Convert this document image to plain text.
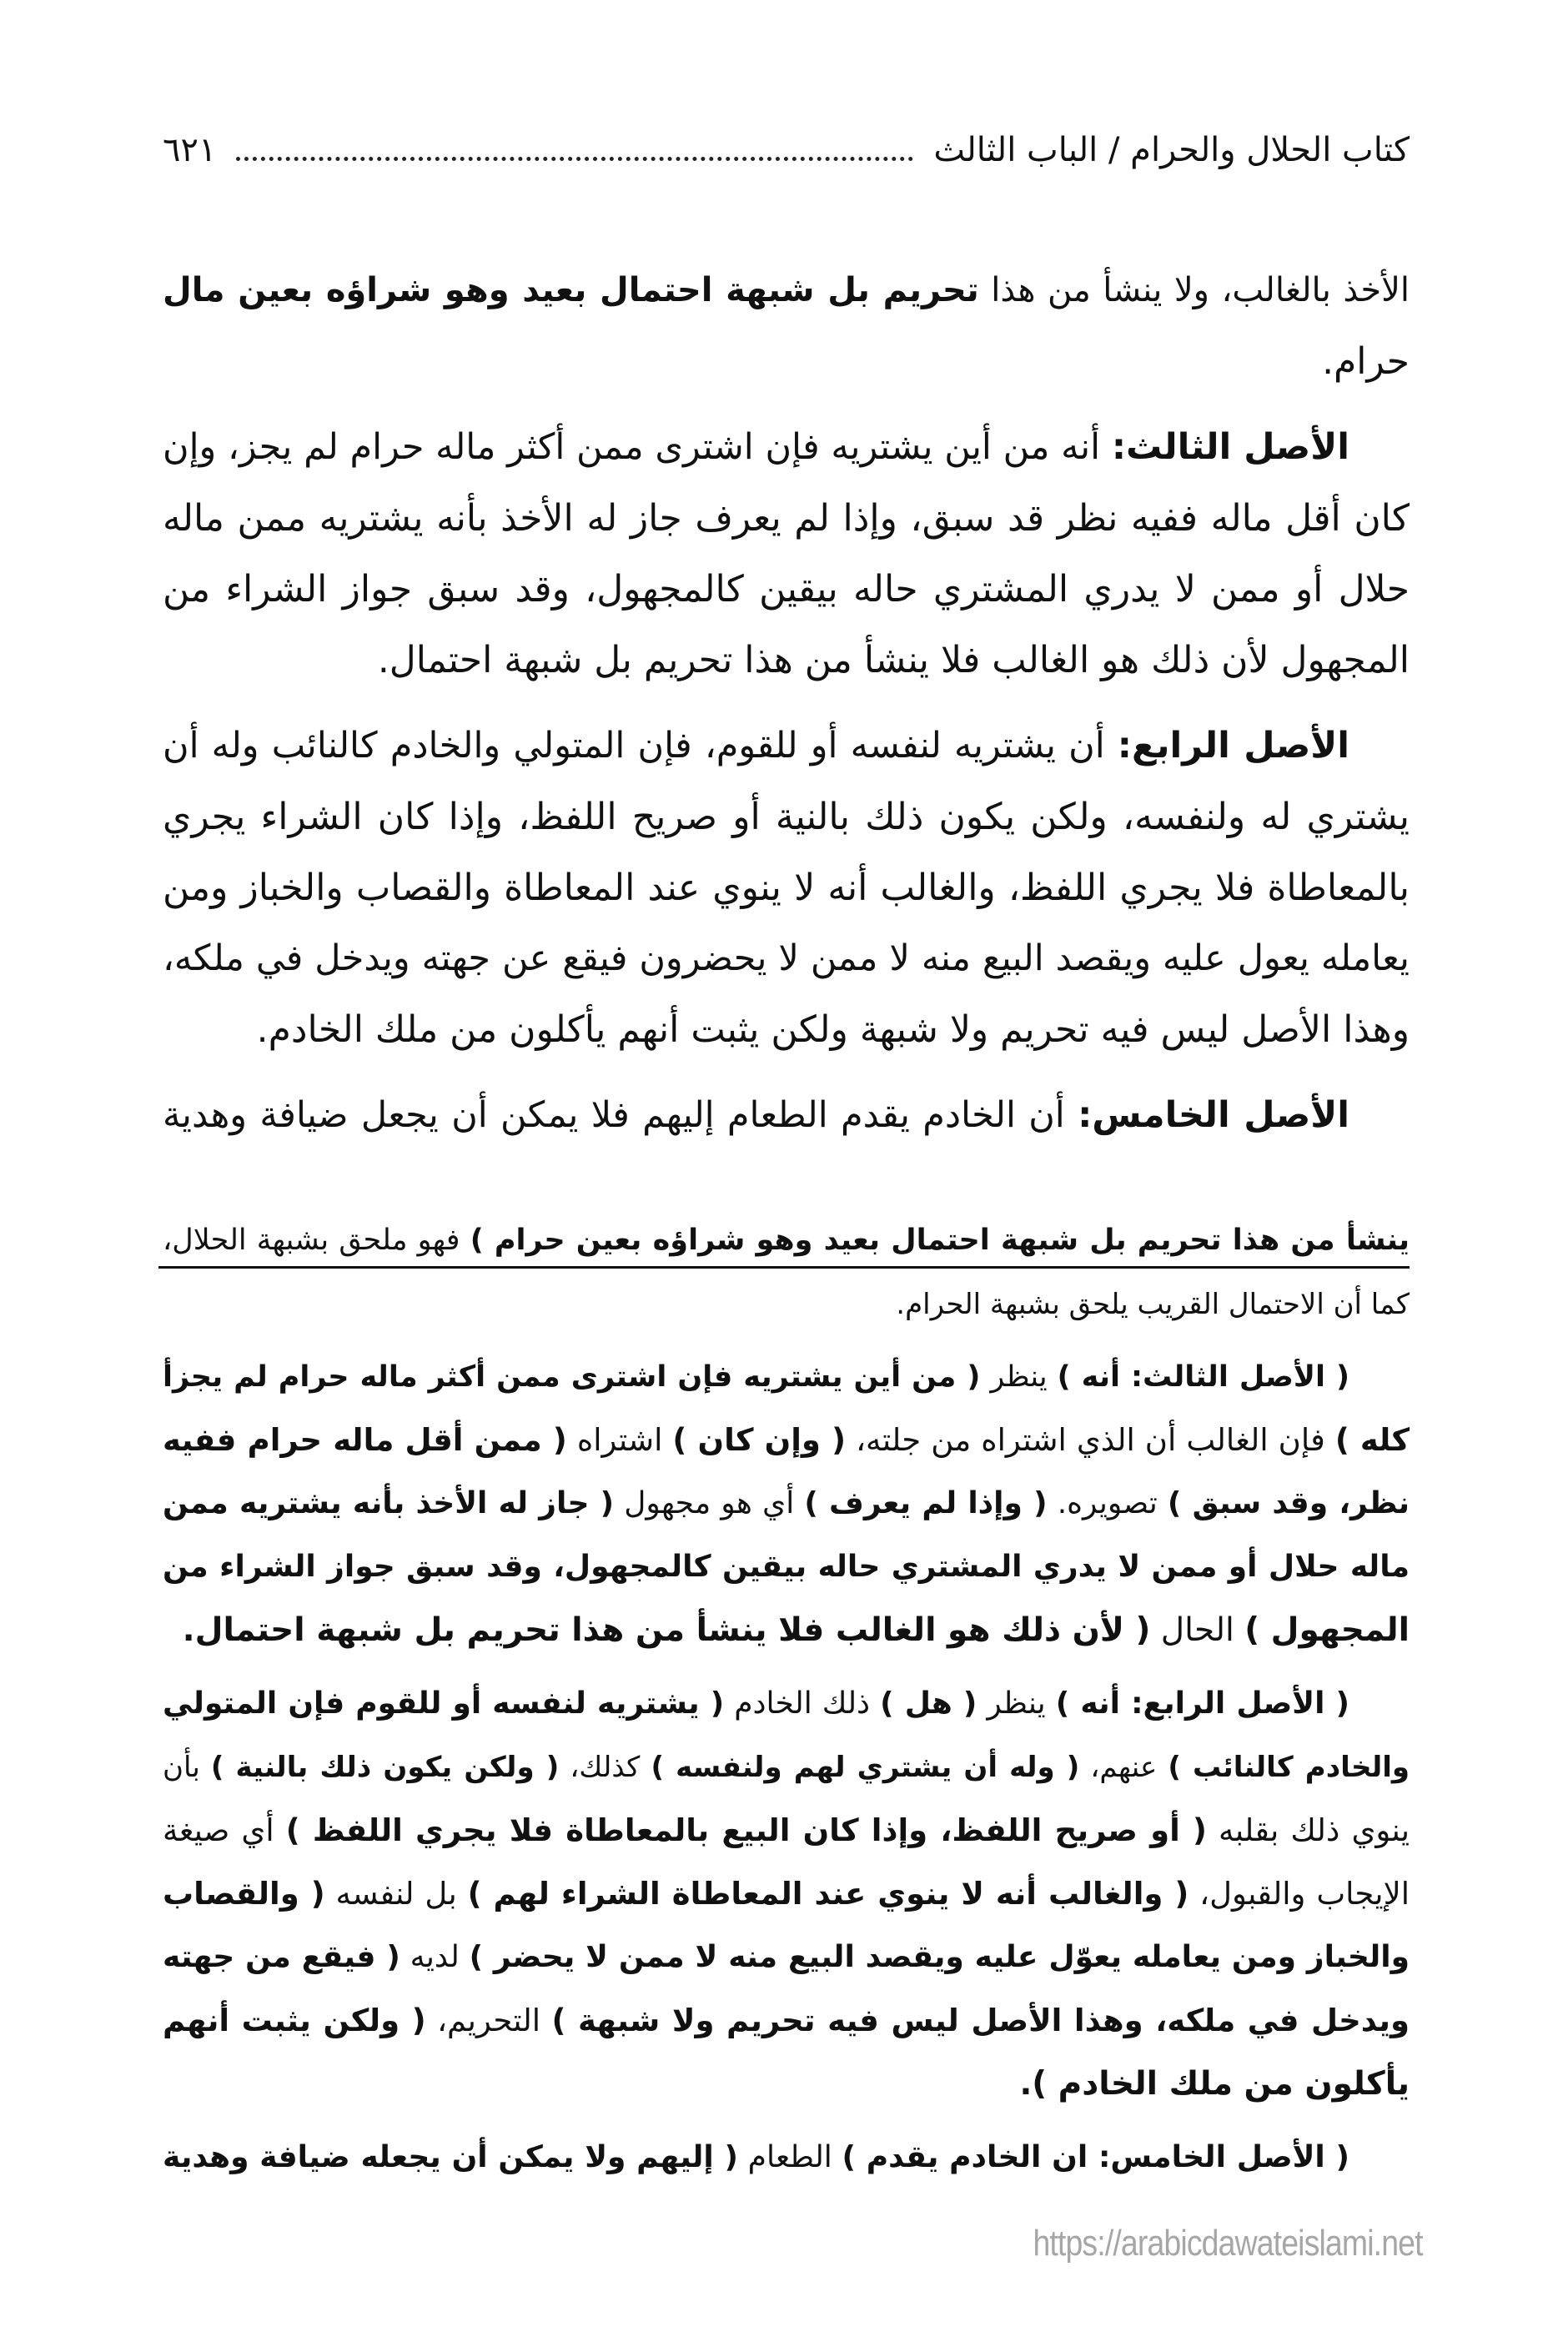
كتاب الحلال والحرام / الباب الثالث
٦٢١
الأخذ بالغالب، ولا ينشأ من هذا تحريم بل شبهة احتمال بعيد وهو شراؤه بعين مال
حرام.
الأصل الثالث: أنه من أين يشتريه فإن اشترى ممن أكثر ماله حرام لم يجز، وإن
كان أقل ماله ففيه نظر قد سبق، وإذا لم يعرف جاز له الأخذ بأنه يشتريه ممن ماله
حلال أو ممن لا يدري المشتري حاله بيقين كالمجهول، وقد سبق جواز الشراء من
المجهول لأن ذلك هو الغالب فلا ينشأ من هذا تحريم بل شبهة احتمال.
الأصل الرابع: أن يشتريه لنفسه أو للقوم، فإن المتولي والخادم كالنائب وله أن
يشتري له ولنفسه، ولكن يكون ذلك بالنية أو صريح اللفظ، وإذا كان الشراء يجري
بالمعاطاة فلا يجري اللفظ، والغالب أنه لا ينوي عند المعاطاة والقصاب والخباز ومن
يعامله يعول عليه ويقصد البيع منه لا ممن لا يحضرون فيقع عن جهته ويدخل في ملكه،
وهذا الأصل ليس فيه تحريم ولا شبهة ولكن يثبت أنهم يأكلون من ملك الخادم.
الأصل الخامس: أن الخادم يقدم الطعام إليهم فلا يمكن أن يجعل ضيافة وهدية
ينشأ من هذا تحريم بل شبهة احتمال بعيد وهو شراؤه بعين حرام ) فهو ملحق بشبهة الحلال،
كما أن الاحتمال القريب يلحق بشبهة الحرام.
( الأصل الثالث: أنه ) ينظر ( من أين يشتريه فإن اشترى ممن أكثر ماله حرام لم يجزأ
كله ) فإن الغالب أن الذي اشتراه من جلته، ( وإن كان ) اشتراه ( ممن أقل ماله حرام ففيه
نظر، وقد سبق ) تصويره. ( وإذا لم يعرف ) أي هو مجهول ( جاز له الأخذ بأنه يشتريه ممن
ماله حلال أو ممن لا يدري المشتري حاله بيقين كالمجهول، وقد سبق جواز الشراء من
المجهول ) الحال ( لأن ذلك هو الغالب فلا ينشأ من هذا تحريم بل شبهة احتمال.
( الأصل الرابع: أنه ) ينظر ( هل ) ذلك الخادم ( يشتريه لنفسه أو للقوم فإن المتولي
والخادم كالنائب ) عنهم، ( وله أن يشتري لهم ولنفسه ) كذلك، ( ولكن يكون ذلك بالنية ) بأن
ينوي ذلك بقلبه ( أو صريح اللفظ، وإذا كان البيع بالمعاطاة فلا يجري اللفظ ) أي صيغة
الإيجاب والقبول، ( والغالب أنه لا ينوي عند المعاطاة الشراء لهم ) بل لنفسه ( والقصاب
والخباز ومن يعامله يعوّل عليه ويقصد البيع منه لا ممن لا يحضر ) لديه ( فيقع من جهته
ويدخل في ملكه، وهذا الأصل ليس فيه تحريم ولا شبهة ) التحريم، ( ولكن يثبت أنهم
يأكلون من ملك الخادم ).
( الأصل الخامس: ان الخادم يقدم ) الطعام ( إليهم ولا يمكن أن يجعله ضيافة وهدية
https://arabicdawateislami.net
